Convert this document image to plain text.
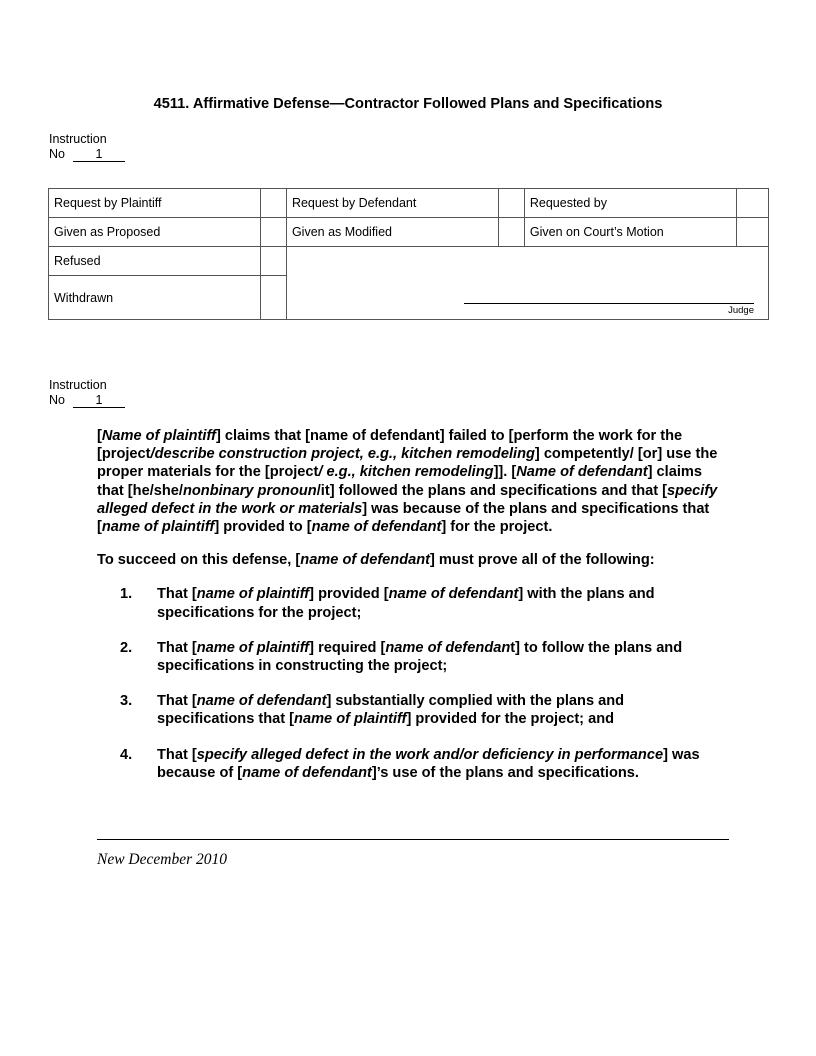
4511. Affirmative Defense—Contractor Followed Plans and Specifications
Instruction
No 1
Request by Plaintiff		Request by Defendant		Requested by	
Given as Proposed		Given as Modified		Given on Court’s Motion	
Refused		Judge			

Withdrawn					
Instruction
No 1

[Name of plaintiff] claims that [name of defendant] failed to [perform the work for the [project/describe construction project, e.g., kitchen remodeling] competently/ [or] use the proper materials for the [project/ e.g., kitchen remodeling]]. [Name of defendant] claims that [he/she/nonbinary pronoun/it] followed the plans and specifications and that [specify alleged defect in the work or materials] was because of the plans and specifications that [name of plaintiff] provided to [name of defendant] for the project.

To succeed on this defense, [name of defendant] must prove all of the following:

1. That [name of plaintiff] provided [name of defendant] with the plans and specifications for the project;
2. That [name of plaintiff] required [name of defendant] to follow the plans and specifications in constructing the project;
3. That [name of defendant] substantially complied with the plans and specifications that [name of plaintiff] provided for the project; and
4. That [specify alleged defect in the work and/or deficiency in performance] was because of [name of defendant]’s use of the plans and specifications.
New December 2010
